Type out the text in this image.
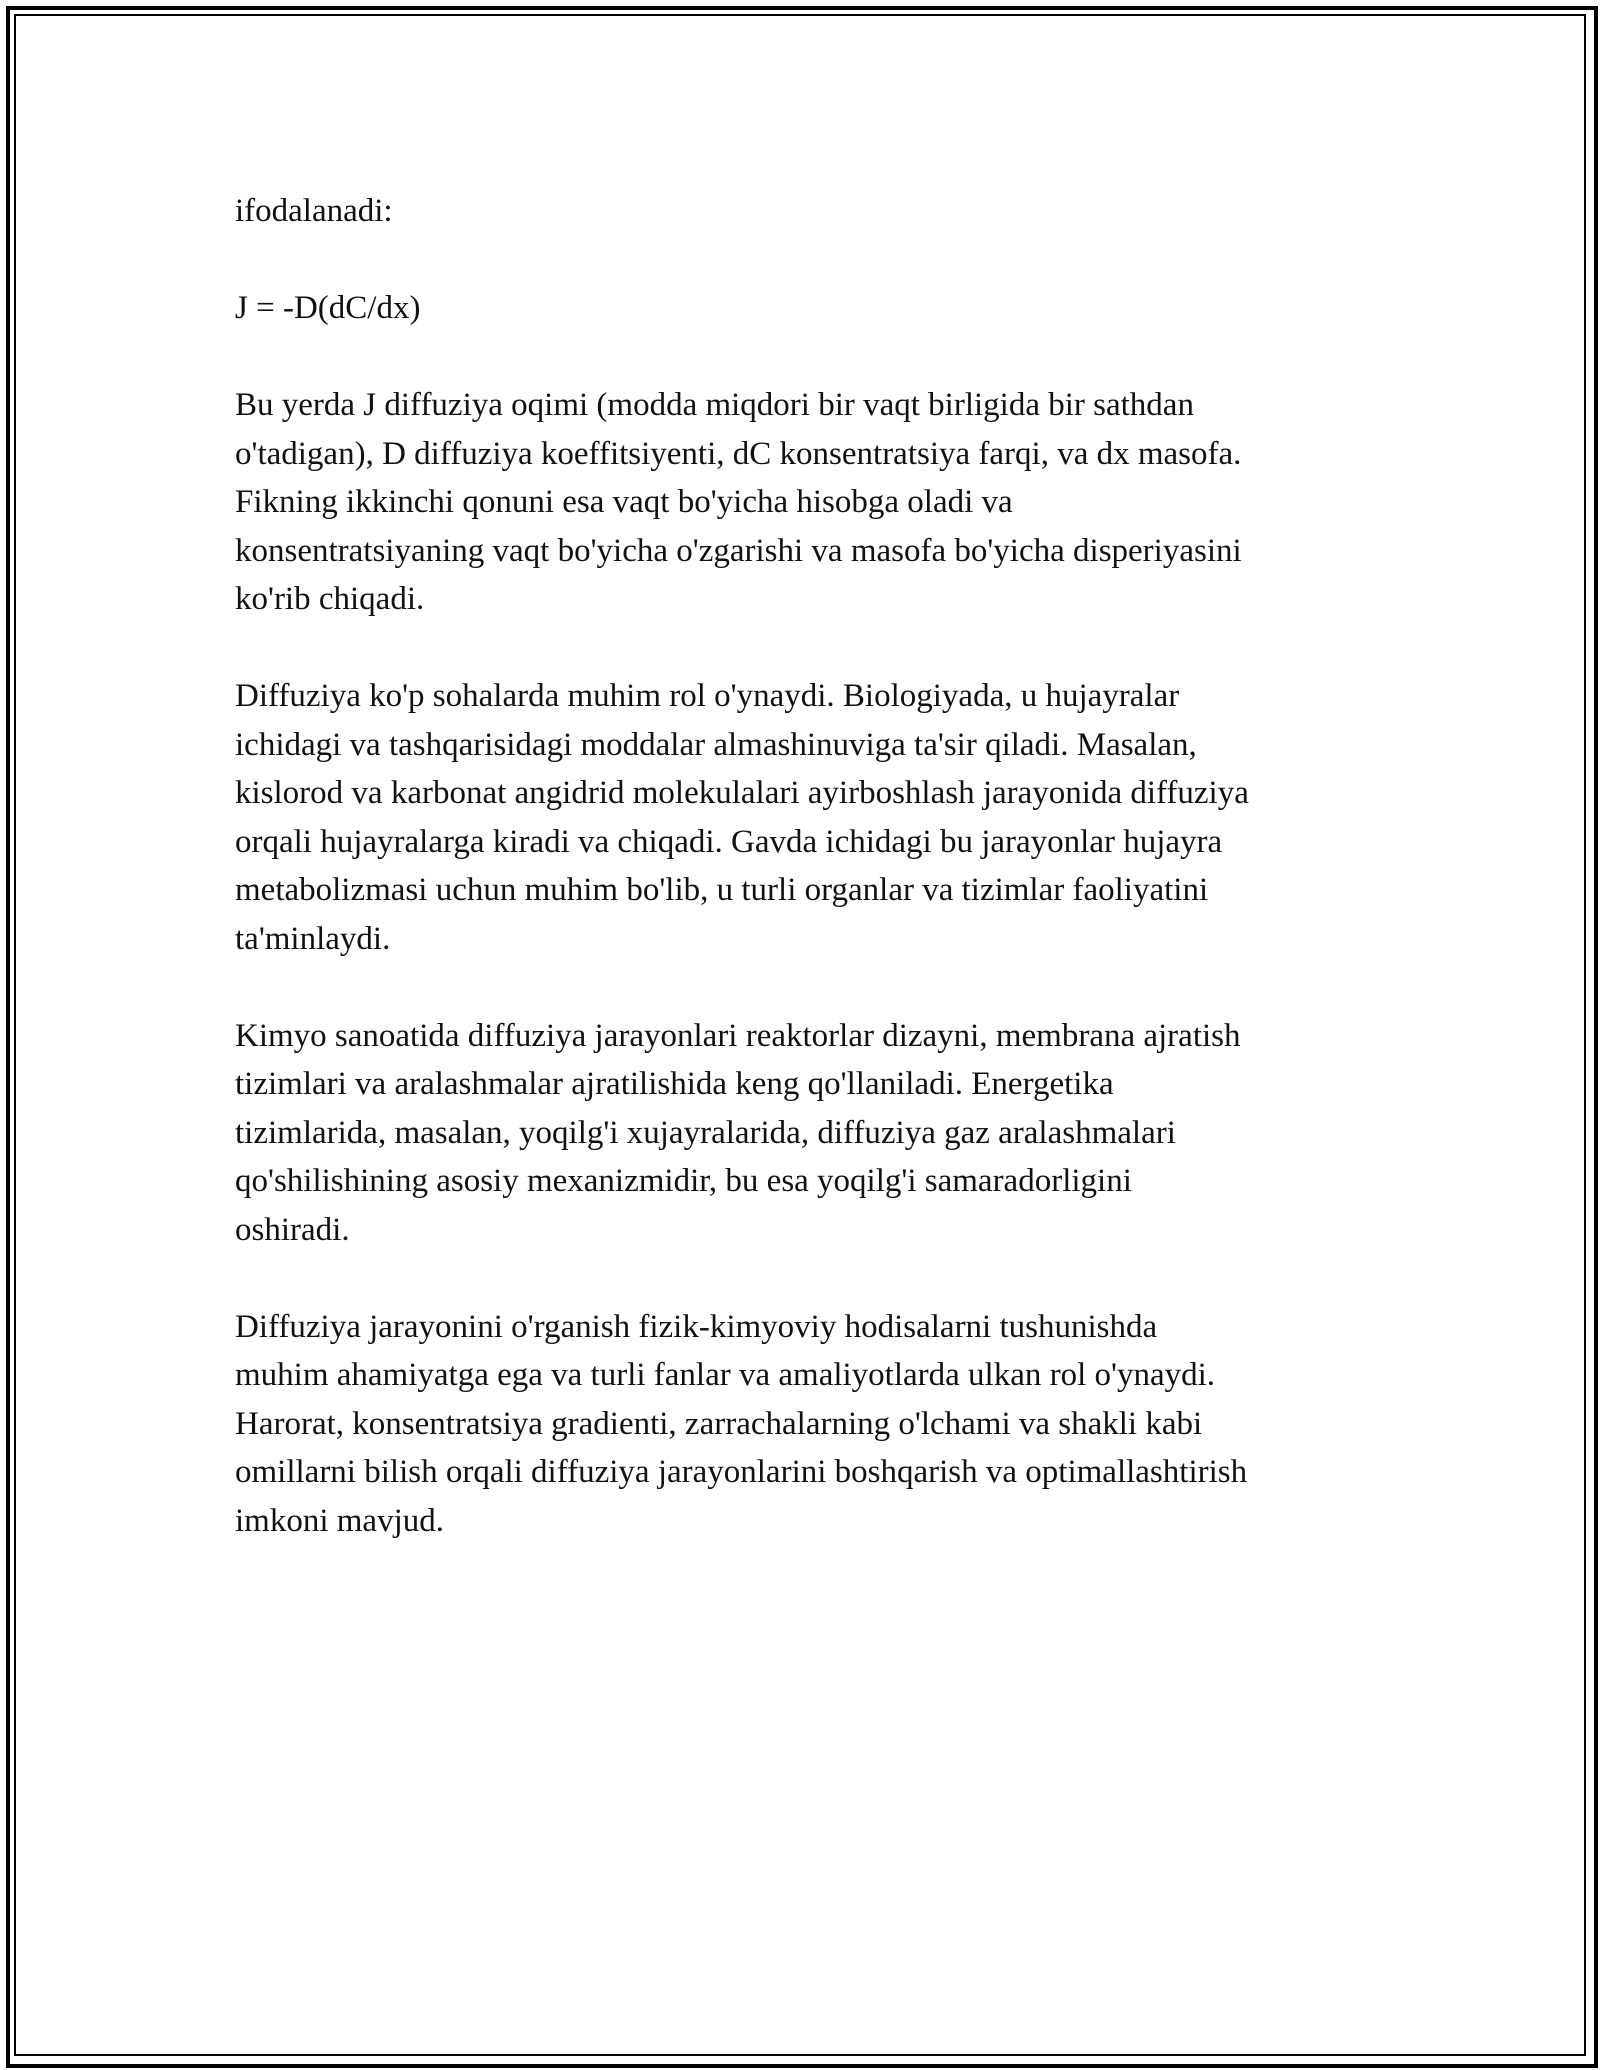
ifodalanadi:

J = -D(dC/dx)

Bu yerda J diffuziya oqimi (modda miqdori bir vaqt birligida bir sathdan
o'tadigan), D diffuziya koeffitsiyenti, dC konsentratsiya farqi, va dx masofa.
Fikning ikkinchi qonuni esa vaqt bo'yicha hisobga oladi va
konsentratsiyaning vaqt bo'yicha o'zgarishi va masofa bo'yicha disperiyasini
ko'rib chiqadi.

Diffuziya ko'p sohalarda muhim rol o'ynaydi. Biologiyada, u hujayralar
ichidagi va tashqarisidagi moddalar almashinuviga ta'sir qiladi. Masalan,
kislorod va karbonat angidrid molekulalari ayirboshlash jarayonida diffuziya
orqali hujayralarga kiradi va chiqadi. Gavda ichidagi bu jarayonlar hujayra
metabolizmasi uchun muhim bo'lib, u turli organlar va tizimlar faoliyatini
ta'minlaydi.

Kimyo sanoatida diffuziya jarayonlari reaktorlar dizayni, membrana ajratish
tizimlari va aralashmalar ajratilishida keng qo'llaniladi. Energetika
tizimlarida, masalan, yoqilg'i xujayralarida, diffuziya gaz aralashmalari
qo'shilishining asosiy mexanizmidir, bu esa yoqilg'i samaradorligini
oshiradi.

Diffuziya jarayonini o'rganish fizik-kimyoviy hodisalarni tushunishda
muhim ahamiyatga ega va turli fanlar va amaliyotlarda ulkan rol o'ynaydi.
Harorat, konsentratsiya gradienti, zarrachalarning o'lchami va shakli kabi
omillarni bilish orqali diffuziya jarayonlarini boshqarish va optimallashtirish
imkoni mavjud.
